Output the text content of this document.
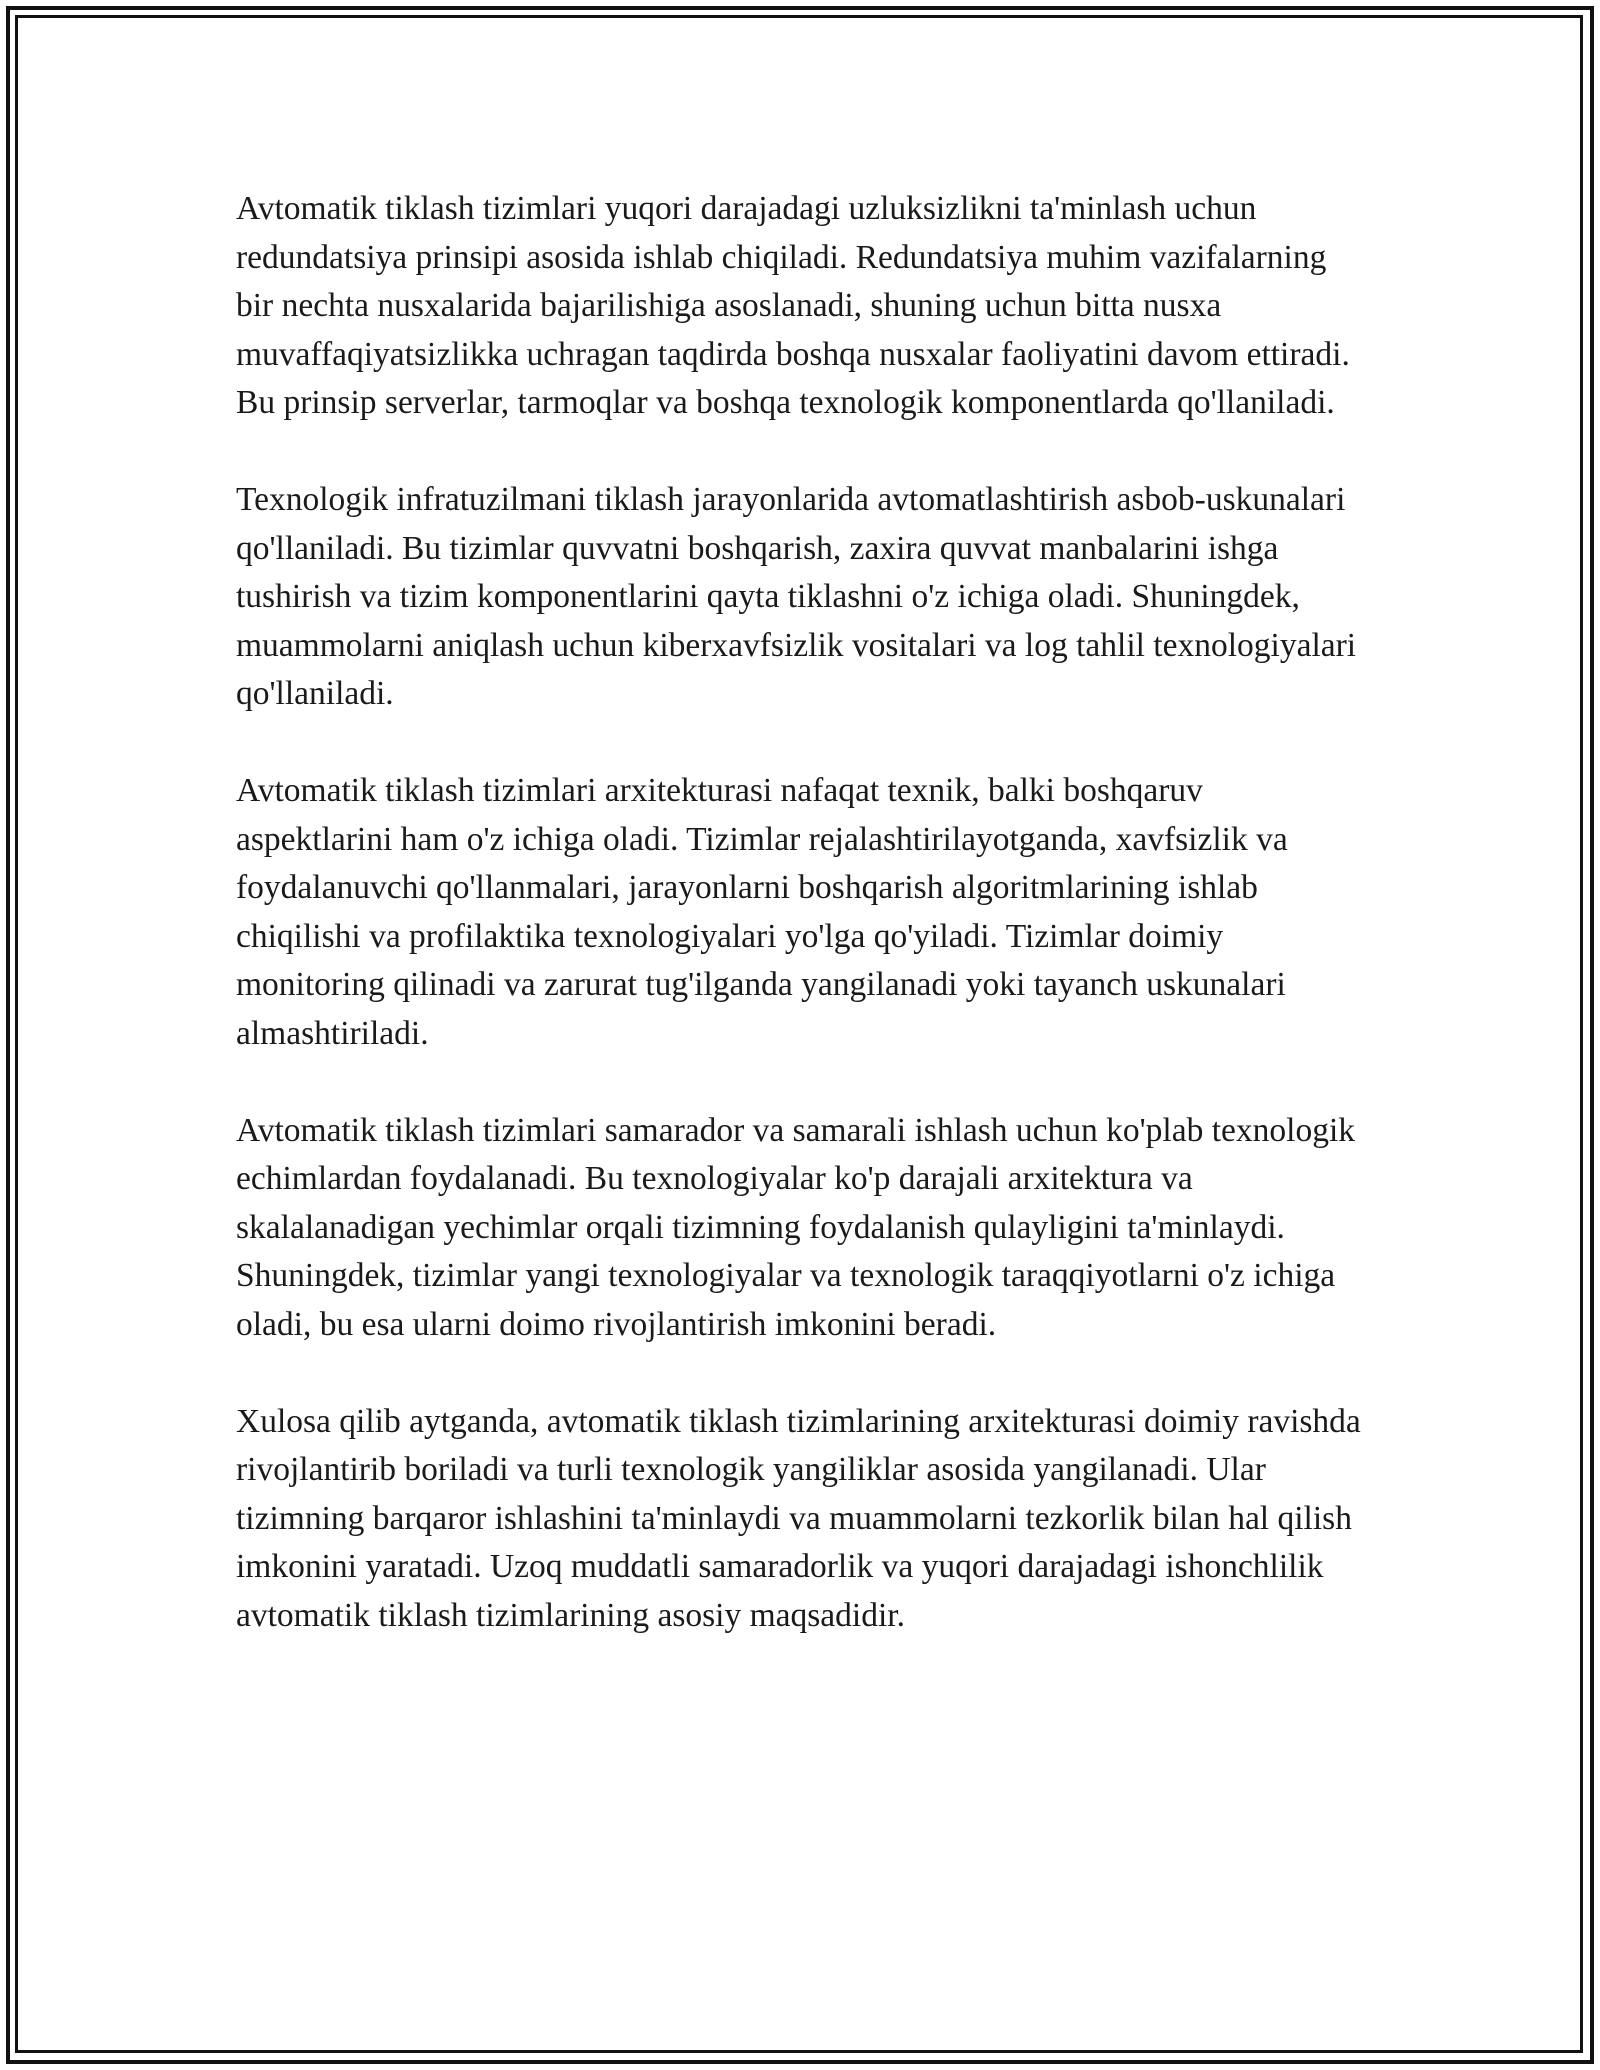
Avtomatik tiklash tizimlari yuqori darajadagi uzluksizlikni ta'minlash uchun redundatsiya prinsipi asosida ishlab chiqiladi. Redundatsiya muhim vazifalarning bir nechta nusxalarida bajarilishiga asoslanadi, shuning uchun bitta nusxa muvaffaqiyatsizlikka uchragan taqdirda boshqa nusxalar faoliyatini davom ettiradi. Bu prinsip serverlar, tarmoqlar va boshqa texnologik komponentlarda qo'llaniladi.

Texnologik infratuzilmani tiklash jarayonlarida avtomatlashtirish asbob-uskunalari qo'llaniladi. Bu tizimlar quvvatni boshqarish, zaxira quvvat manbalarini ishga tushirish va tizim komponentlarini qayta tiklashni o'z ichiga oladi. Shuningdek, muammolarni aniqlash uchun kiberxavfsizlik vositalari va log tahlil texnologiyalari qo'llaniladi.

Avtomatik tiklash tizimlari arxitekturasi nafaqat texnik, balki boshqaruv aspektlarini ham o'z ichiga oladi. Tizimlar rejalashtirilayotganda, xavfsizlik va foydalanuvchi qo'llanmalari, jarayonlarni boshqarish algoritmlarining ishlab chiqilishi va profilaktika texnologiyalari yo'lga qo'yiladi. Tizimlar doimiy monitoring qilinadi va zarurat tug'ilganda yangilanadi yoki tayanch uskunalari almashtiriladi.

Avtomatik tiklash tizimlari samarador va samarali ishlash uchun ko'plab texnologik echimlardan foydalanadi. Bu texnologiyalar ko'p darajali arxitektura va skalalanadigan yechimlar orqali tizimning foydalanish qulayligini ta'minlaydi. Shuningdek, tizimlar yangi texnologiyalar va texnologik taraqqiyotlarni o'z ichiga oladi, bu esa ularni doimo rivojlantirish imkonini beradi.

Xulosa qilib aytganda, avtomatik tiklash tizimlarining arxitekturasi doimiy ravishda rivojlantirib boriladi va turli texnologik yangiliklar asosida yangilanadi. Ular tizimning barqaror ishlashini ta'minlaydi va muammolarni tezkorlik bilan hal qilish imkonini yaratadi. Uzoq muddatli samaradorlik va yuqori darajadagi ishonchlilik avtomatik tiklash tizimlarining asosiy maqsadidir.
